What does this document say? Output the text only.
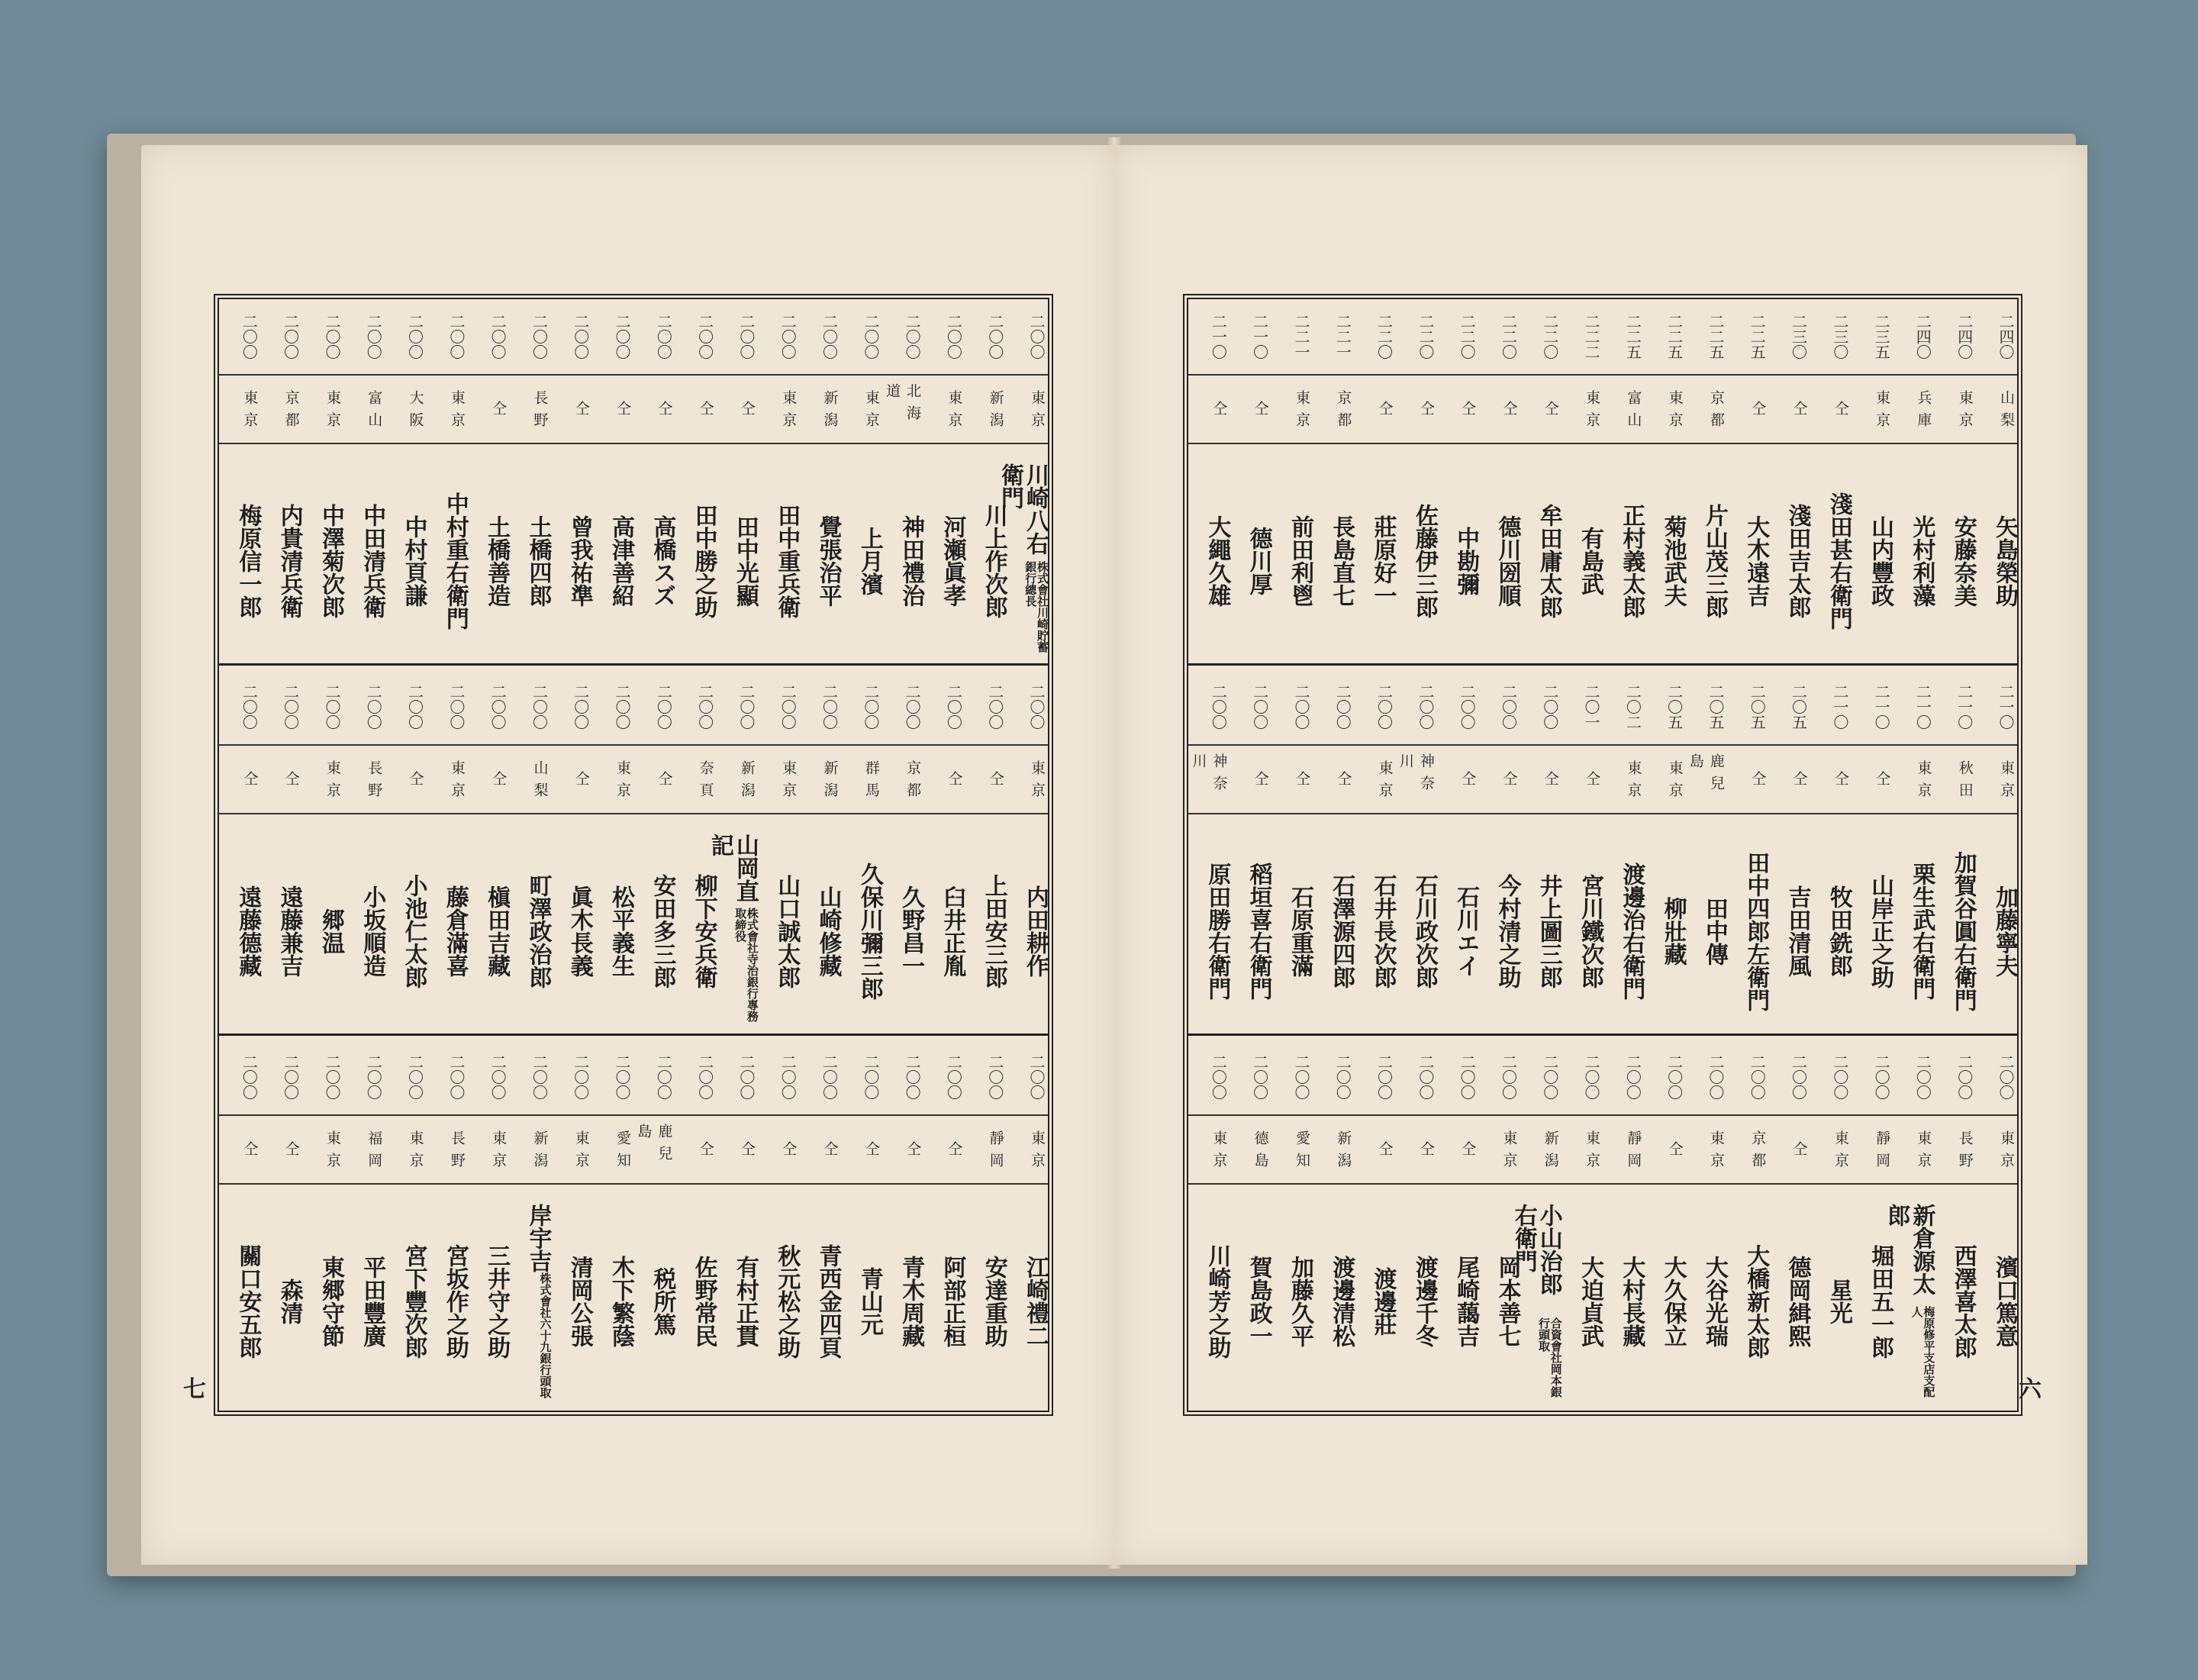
二〇〇
東京
株式會社川崎貯蓄銀行總長
川崎八右衛門
二〇〇
新潟
川上作次郎
二〇〇
東京
河瀬眞孝
二〇〇
北海道
神田禮治
二〇〇
東京
上月濱
二〇〇
新潟
覺張治平
二〇〇
東京
田中重兵衛
二〇〇
仝
田中光顯
二〇〇
仝
田中勝之助
二〇〇
仝
高橋スズ
二〇〇
仝
高津善紹
二〇〇
仝
曾我祐準
二〇〇
長野
土橋四郎
二〇〇
仝
土橋善造
二〇〇
東京
中村重右衛門
二〇〇
大阪
中村頁謙
二〇〇
富山
中田清兵衛
二〇〇
東京
中澤菊次郎
二〇〇
京都
内貴清兵衛
二〇〇
東京
梅原信一郎
二〇〇
東京
内田耕作
二〇〇
仝
上田安三郎
二〇〇
仝
臼井正胤
二〇〇
京都
久野昌一
二〇〇
群馬
久保川彌三郎
二〇〇
新潟
山崎修藏
二〇〇
東京
山口誠太郎
二〇〇
新潟
株式會社寺治銀行專務取締役
山岡直記
二〇〇
奈頁
柳下安兵衛
二〇〇
仝
安田多三郎
二〇〇
東京
松平義生
二〇〇
仝
眞木長義
二〇〇
山梨
町澤政治郎
二〇〇
仝
槇田吉藏
二〇〇
東京
藤倉滿喜
二〇〇
仝
小池仁太郎
二〇〇
長野
小坂順造
二〇〇
東京
郷温
二〇〇
仝
遠藤兼吉
二〇〇
仝
遠藤德藏
二〇〇
東京
江崎禮二
二〇〇
靜岡
安達重助
二〇〇
仝
阿部正桓
二〇〇
仝
青木周藏
二〇〇
仝
青山元
二〇〇
仝
青西金四頁
二〇〇
仝
秋元松之助
二〇〇
仝
有村正貫
二〇〇
仝
佐野常民
二〇〇
鹿兒島
税所篤
二〇〇
愛知
木下繁蔭
二〇〇
東京
清岡公張
二〇〇
新潟
株式會社六十九銀行頭取
岸宇吉
二〇〇
東京
三井守之助
二〇〇
長野
宮坂作之助
二〇〇
東京
宮下豐次郎
二〇〇
福岡
平田豐廣
二〇〇
東京
東郷守節
二〇〇
仝
森清
二〇〇
仝
關口安五郎
七
二四〇
山梨
矢島榮助
二四〇
東京
安藤奈美
二四〇
兵庫
光村利藻
二三五
東京
山内豐政
二三〇
仝
淺田甚右衛門
二三〇
仝
淺田吉太郎
二二五
仝
大木遠吉
二二五
京都
片山茂三郎
二二五
東京
菊池武夫
二二五
富山
正村義太郎
二二二
東京
有島武
二二〇
仝
牟田庸太郎
二二〇
仝
德川圀順
二二〇
仝
中勘彌
二二〇
仝
佐藤伊三郎
二二〇
仝
莊原好一
二二一
京都
長島直七
二二一
東京
前田利鬯
二一〇
仝
德川厚
二一〇
仝
大繩久雄
二一〇
東京
加藤寧夫
二一〇
秋田
加賀谷圓右衛門
二一〇
東京
栗生武右衛門
二一〇
仝
山岸正之助
二一〇
仝
牧田銑郎
二〇五
仝
吉田清風
二〇五
仝
田中四郎左衛門
二〇五
鹿兒島
田中傳
二〇五
東京
柳壯藏
二〇二
東京
渡邊治右衛門
二〇一
仝
宮川鐵次郎
二〇〇
仝
井上圖三郎
二〇〇
仝
今村清之助
二〇〇
仝
石川エイ
二〇〇
神奈川
石川政次郎
二〇〇
東京
石井長次郎
二〇〇
仝
石澤源四郎
二〇〇
仝
石原重滿
二〇〇
仝
稻垣喜右衛門
二〇〇
神奈川
原田勝右衛門
二〇〇
東京
濱口篤意
二〇〇
長野
西澤喜太郎
二〇〇
東京
梅原修平支店支配人
新倉源太郎
二〇〇
靜岡
堀田五一郎
二〇〇
東京
星光
二〇〇
仝
德岡緝熙
二〇〇
京都
大橋新太郎
二〇〇
東京
大谷光瑞
二〇〇
仝
大久保立
二〇〇
靜岡
大村長藏
二〇〇
東京
大迫貞武
二〇〇
新潟
合資會社岡本銀行頭取
小山治郎右衛門
二〇〇
東京
岡本善七
二〇〇
仝
尾崎藹吉
二〇〇
仝
渡邊千冬
二〇〇
仝
渡邊莊
二〇〇
新潟
渡邊清松
二〇〇
愛知
加藤久平
二〇〇
德島
賀島政一
二〇〇
東京
川崎芳之助
六
